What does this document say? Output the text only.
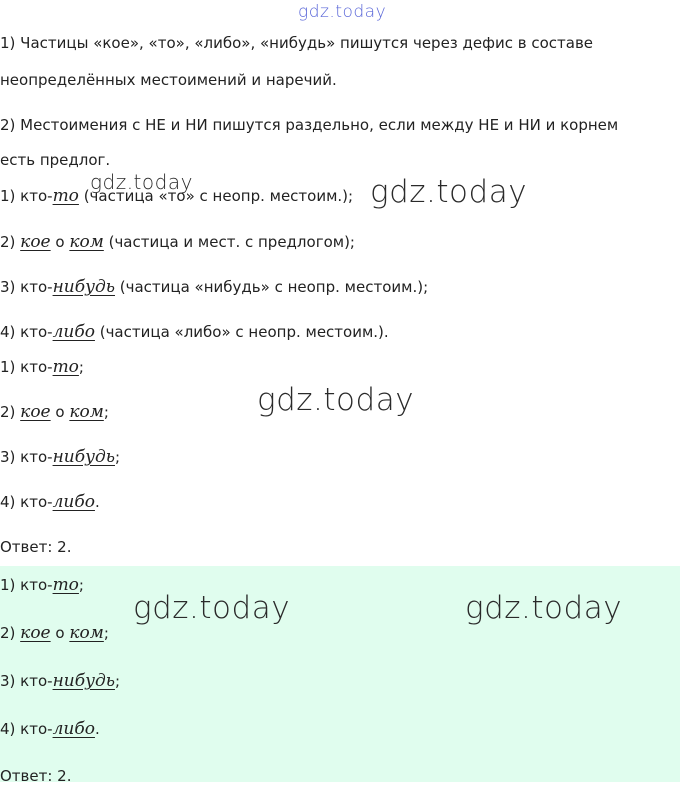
1) Частицы «кое», «то», «либо», «нибудь» пишутся через дефис в составе
неопределённых местоимений и наречий.
2) Местоимения с НЕ и НИ пишутся раздельно, если между НЕ и НИ и корнем
есть предлог.
1) кто-то (частица «то» с неопр. местоим.);
2) кое о ком (частица и мест. с предлогом);
3) кто-нибудь (частица «нибудь» с неопр. местоим.);
4) кто-либо (частица «либо» с неопр. местоим.).
1) кто-то;
2) кое о ком;
3) кто-нибудь;
4) кто-либо.
Ответ: 2.
1) кто-то;
2) кое о ком;
3) кто-нибудь;
4) кто-либо.
Ответ: 2.
gdz.today
gdz.today	gdz.today
gdz.today
gdz.today	gdz.today
